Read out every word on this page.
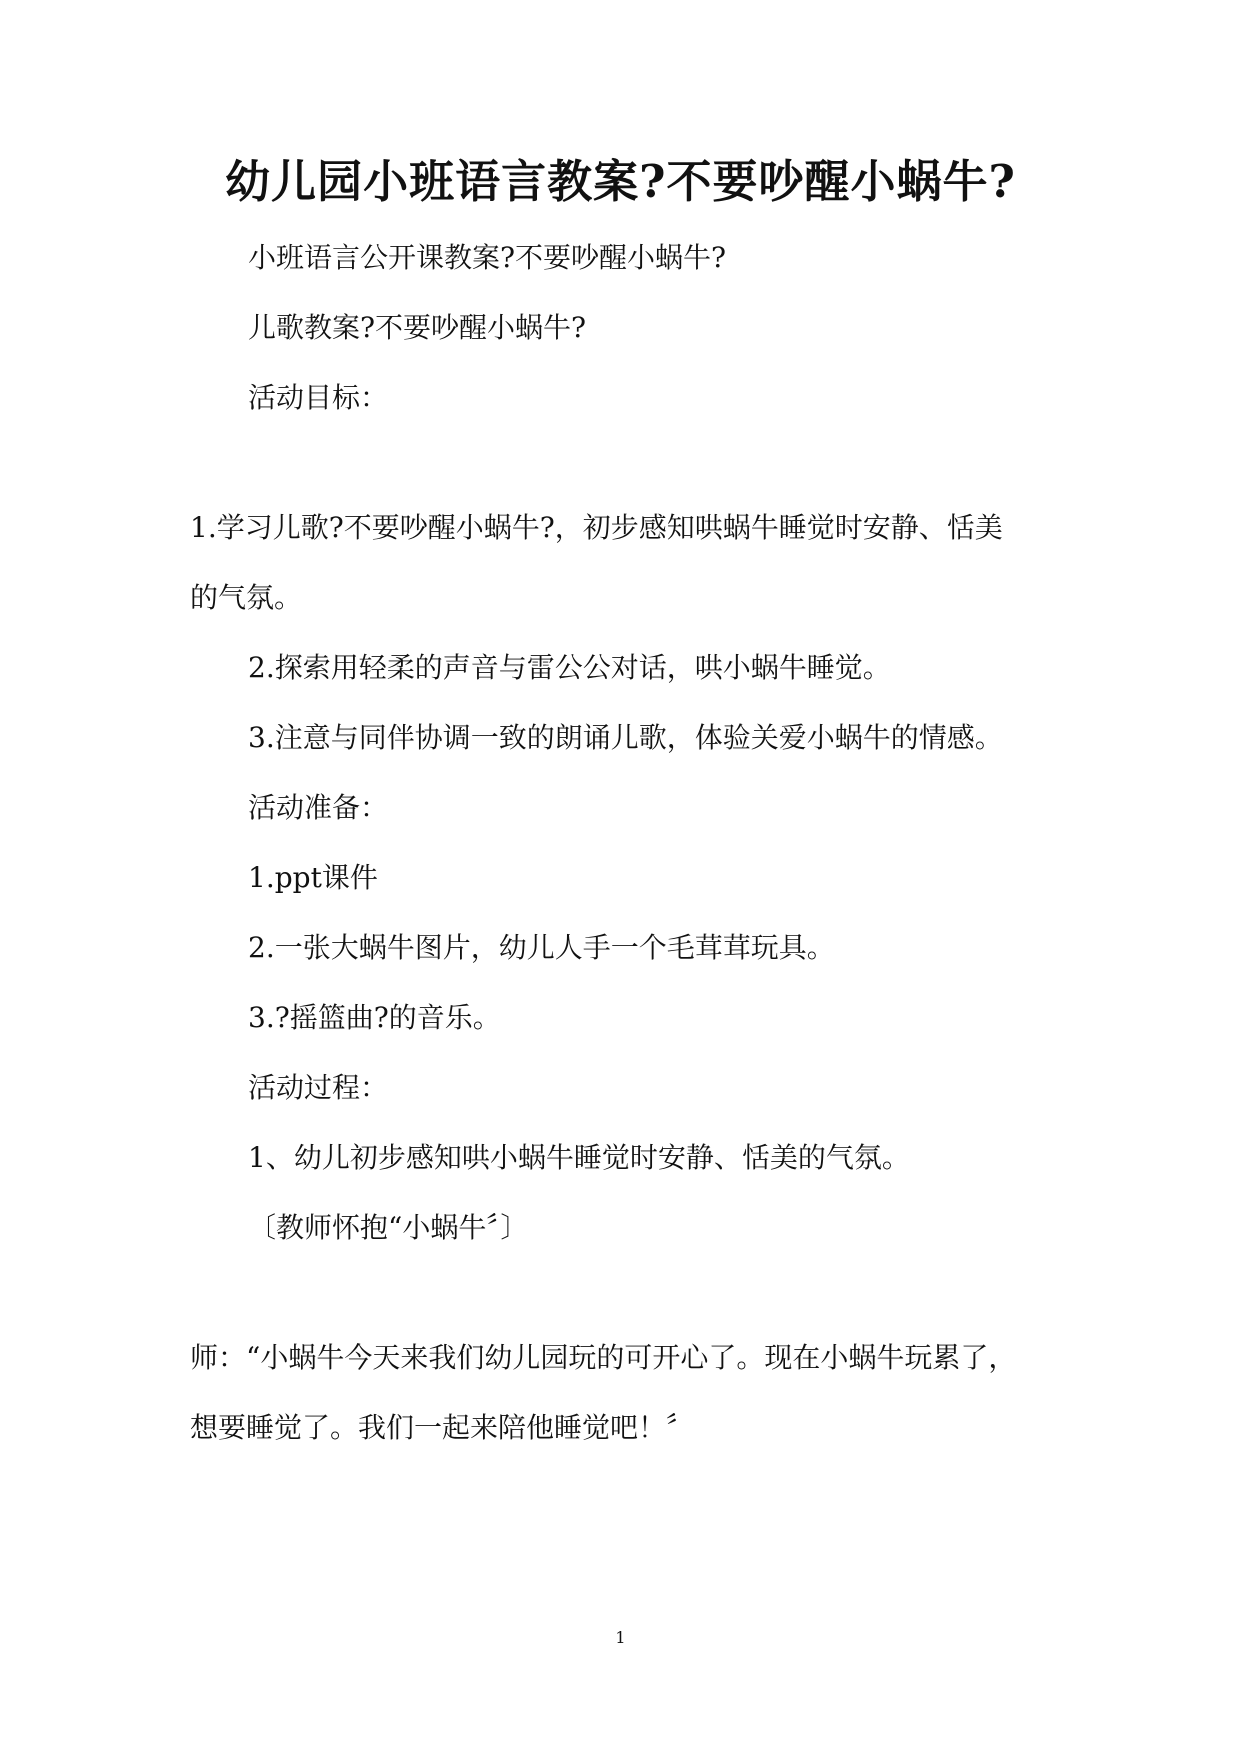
幼儿园小班语言教案?不要吵醒小蜗牛?
小班语言公开课教案?不要吵醒小蜗牛?
儿歌教案?不要吵醒小蜗牛?
活动目标：
1.学习儿歌?不要吵醒小蜗牛?，初步感知哄蜗牛睡觉时安静、恬美
的气氛。
2.探索用轻柔的声音与雷公公对话，哄小蜗牛睡觉。
3.注意与同伴协调一致的朗诵儿歌，体验关爱小蜗牛的情感。
活动准备：
1.ppt课件
2.一张大蜗牛图片，幼儿人手一个毛茸茸玩具。
3.?摇篮曲?的音乐。
活动过程：
1、幼儿初步感知哄小蜗牛睡觉时安静、恬美的气氛。
〔教师怀抱“小蜗牛〞〕
师：“小蜗牛今天来我们幼儿园玩的可开心了。现在小蜗牛玩累了，
想要睡觉了。我们一起来陪他睡觉吧！〞
1
